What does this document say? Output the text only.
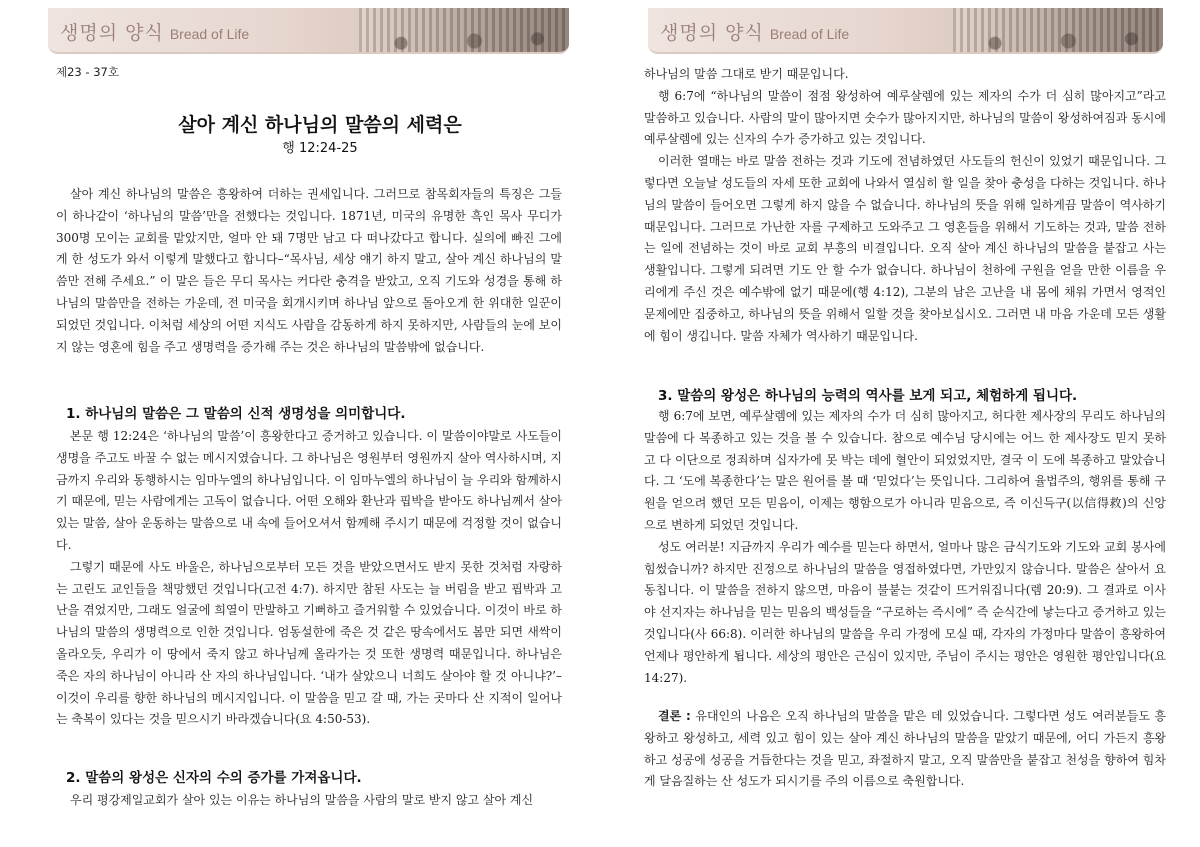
생명의 양식 Bread of Life
제23 - 37호
살아 계신 하나님의 말씀의 세력은
행 12:24-25

살아 계신 하나님의 말씀은 흥왕하여 더하는 권세입니다. 그러므로 참목회자들의 특징은 그들이 하나같이 ‘하나님의 말씀’만을 전했다는 것입니다. 1871년, 미국의 유명한 흑인 목사 무디가 300명 모이는 교회를 맡았지만, 얼마 안 돼 7명만 남고 다 떠나갔다고 합니다. 실의에 빠진 그에게 한 성도가 와서 이렇게 말했다고 합니다–“목사님, 세상 얘기 하지 말고, 살아 계신 하나님의 말씀만 전해 주세요.” 이 말은 들은 무디 목사는 커다란 충격을 받았고, 오직 기도와 성경을 통해 하나님의 말씀만을 전하는 가운데, 전 미국을 회개시키며 하나님 앞으로 돌아오게 한 위대한 일꾼이 되었던 것입니다. 이처럼 세상의 어떤 지식도 사람을 감동하게 하지 못하지만, 사람들의 눈에 보이지 않는 영혼에 힘을 주고 생명력을 증가해 주는 것은 하나님의 말씀밖에 없습니다.

1. 하나님의 말씀은 그 말씀의 신적 생명성을 의미합니다.

본문 행 12:24은 ‘하나님의 말씀’이 흥왕한다고 증거하고 있습니다. 이 말씀이야말로 사도들이 생명을 주고도 바꿀 수 없는 메시지였습니다. 그 하나님은 영원부터 영원까지 살아 역사하시며, 지금까지 우리와 동행하시는 임마누엘의 하나님입니다. 이 임마누엘의 하나님이 늘 우리와 함께하시기 때문에, 믿는 사람에게는 고독이 없습니다. 어떤 오해와 환난과 핍박을 받아도 하나님께서 살아 있는 말씀, 살아 운동하는 말씀으로 내 속에 들어오셔서 함께해 주시기 때문에 걱정할 것이 없습니다.

그렇기 때문에 사도 바울은, 하나님으로부터 모든 것을 받았으면서도 받지 못한 것처럼 자랑하는 고린도 교인들을 책망했던 것입니다(고전 4:7). 하지만 참된 사도는 늘 버림을 받고 핍박과 고난을 겪었지만, 그래도 얼굴에 희열이 만발하고 기뻐하고 즐거워할 수 있었습니다. 이것이 바로 하나님의 말씀의 생명력으로 인한 것입니다. 엄동설한에 죽은 것 같은 땅속에서도 봄만 되면 새싹이 올라오듯, 우리가 이 땅에서 죽지 않고 하나님께 올라가는 것 또한 생명력 때문입니다. 하나님은 죽은 자의 하나님이 아니라 산 자의 하나님입니다. ‘내가 살았으니 너희도 살아야 할 것 아니냐?’–이것이 우리를 향한 하나님의 메시지입니다. 이 말씀을 믿고 갈 때, 가는 곳마다 산 지적이 일어나는 축복이 있다는 것을 믿으시기 바라겠습니다(요 4:50-53).

2. 말씀의 왕성은 신자의 수의 증가를 가져옵니다.

우리 평강제일교회가 살아 있는 이유는 하나님의 말씀을 사람의 말로 받지 않고 살아 계신

생명의 양식 Bread of Life

하나님의 말씀 그대로 받기 때문입니다.

행 6:7에 “하나님의 말씀이 점점 왕성하여 예루살렘에 있는 제자의 수가 더 심히 많아지고”라고 말씀하고 있습니다. 사람의 말이 많아지면 숫수가 많아지지만, 하나님의 말씀이 왕성하여짐과 동시에 예루살렘에 있는 신자의 수가 증가하고 있는 것입니다.

이러한 열매는 바로 말씀 전하는 것과 기도에 전념하였던 사도들의 헌신이 있었기 때문입니다. 그렇다면 오늘날 성도들의 자세 또한 교회에 나와서 열심히 할 일을 찾아 충성을 다하는 것입니다. 하나님의 말씀이 들어오면 그렇게 하지 않을 수 없습니다. 하나님의 뜻을 위해 일하게끔 말씀이 역사하기 때문입니다. 그러므로 가난한 자를 구제하고 도와주고 그 영혼들을 위해서 기도하는 것과, 말씀 전하는 일에 전념하는 것이 바로 교회 부흥의 비결입니다. 오직 살아 계신 하나님의 말씀을 붙잡고 사는 생활입니다. 그렇게 되려면 기도 안 할 수가 없습니다. 하나님이 천하에 구원을 얻을 만한 이름을 우리에게 주신 것은 예수밖에 없기 때문에(행 4:12), 그분의 남은 고난을 내 몸에 채워 가면서 영적인 문제에만 집중하고, 하나님의 뜻을 위해서 일할 것을 찾아보십시오. 그러면 내 마음 가운데 모든 생활에 힘이 생깁니다. 말씀 자체가 역사하기 때문입니다.

3. 말씀의 왕성은 하나님의 능력의 역사를 보게 되고, 체험하게 됩니다.

행 6:7에 보면, 예루살렘에 있는 제자의 수가 더 심히 많아지고, 허다한 제사장의 무리도 하나님의 말씀에 다 복종하고 있는 것을 볼 수 있습니다. 참으로 예수님 당시에는 어느 한 제사장도 믿지 못하고 다 이단으로 정죄하며 십자가에 못 박는 데에 혈안이 되었었지만, 결국 이 도에 복종하고 말았습니다. 그 ‘도에 복종한다’는 말은 원어를 볼 때 ‘믿었다’는 뜻입니다. 그리하여 율법주의, 행위를 통해 구원을 얻으려 했던 모든 믿음이, 이제는 행함으로가 아니라 믿음으로, 즉 이신득구(以信得救)의 신앙으로 변하게 되었던 것입니다.

성도 여러분! 지금까지 우리가 예수를 믿는다 하면서, 얼마나 많은 금식기도와 기도와 교회 봉사에 힘썼습니까? 하지만 진정으로 하나님의 말씀을 영접하였다면, 가만있지 않습니다. 말씀은 살아서 요동칩니다. 이 말씀을 전하지 않으면, 마음이 불붙는 것같이 뜨거워집니다(렘 20:9). 그 결과로 이사야 선지자는 하나님을 믿는 믿음의 백성들을 “구로하는 즉시에” 즉 순식간에 낳는다고 증거하고 있는 것입니다(사 66:8). 이러한 하나님의 말씀을 우리 가정에 모실 때, 각자의 가정마다 말씀이 흥왕하여 언제나 평안하게 됩니다. 세상의 평안은 근심이 있지만, 주님이 주시는 평안은 영원한 평안입니다(요 14:27).

결론 : 유대인의 나음은 오직 하나님의 말씀을 맡은 데 있었습니다. 그렇다면 성도 여러분들도 흥왕하고 왕성하고, 세력 있고 힘이 있는 살아 계신 하나님의 말씀을 맡았기 때문에, 어디 가든지 흥왕하고 성공에 성공을 거듭한다는 것을 믿고, 좌절하지 말고, 오직 말씀만을 붙잡고 천성을 향하여 힘차게 달음질하는 산 성도가 되시기를 주의 이름으로 축원합니다.
